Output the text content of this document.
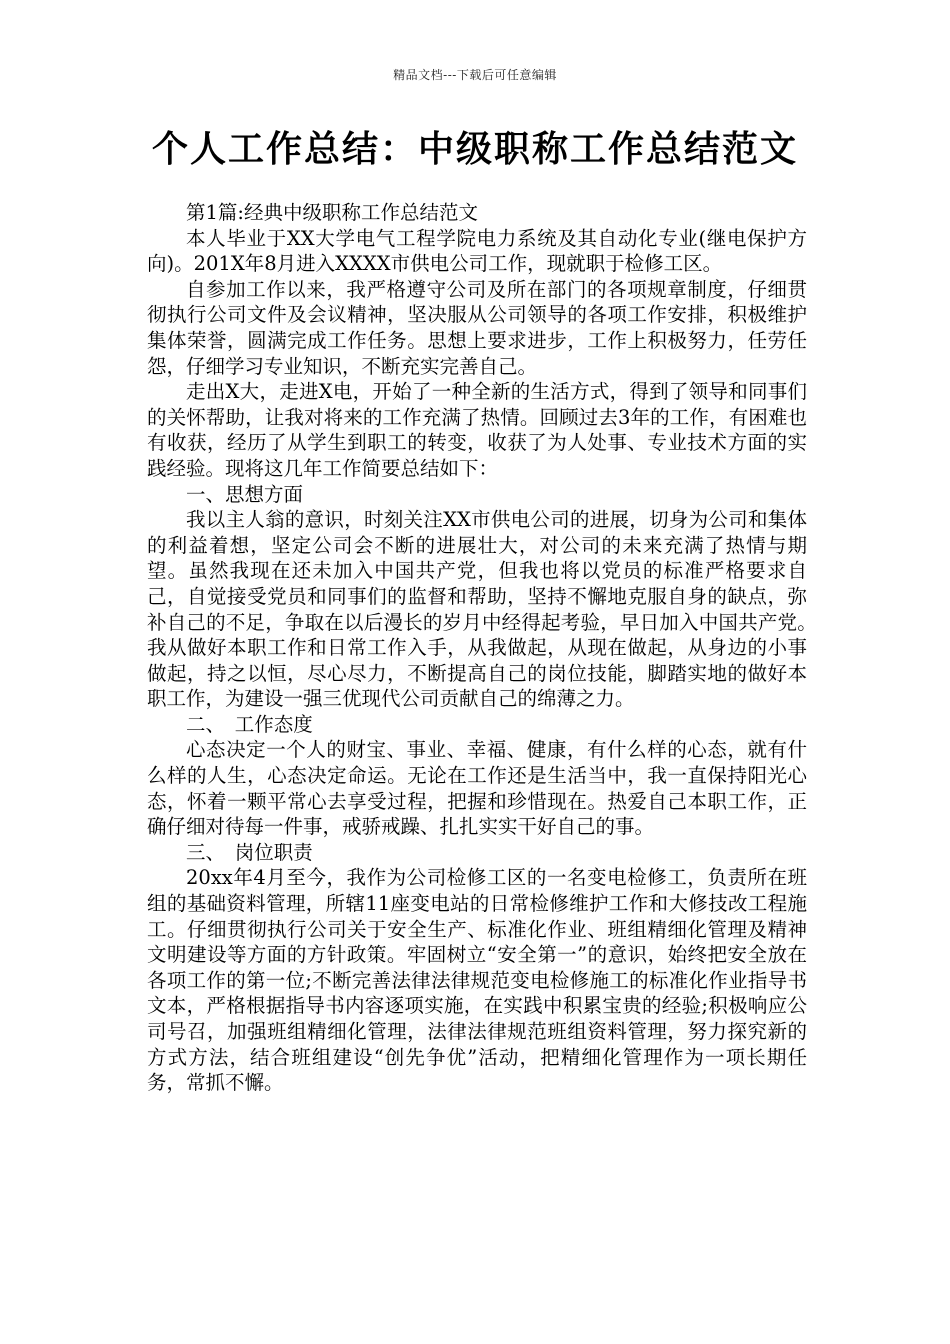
精品文档---下载后可任意编辑
个人工作总结：中级职称工作总结范文

第1篇:经典中级职称工作总结范文

本人毕业于XX大学电气工程学院电力系统及其自动化专业(继电保护方向)。201X年8月进入XXXX市供电公司工作，现就职于检修工区。

自参加工作以来，我严格遵守公司及所在部门的各项规章制度，仔细贯彻执行公司文件及会议精神，坚决服从公司领导的各项工作安排，积极维护集体荣誉，圆满完成工作任务。思想上要求进步，工作上积极努力，任劳任怨，仔细学习专业知识，不断充实完善自己。

走出X大，走进X电，开始了一种全新的生活方式，得到了领导和同事们的关怀帮助，让我对将来的工作充满了热情。回顾过去3年的工作，有困难也有收获，经历了从学生到职工的转变，收获了为人处事、专业技术方面的实践经验。现将这几年工作简要总结如下：

一、思想方面

我以主人翁的意识，时刻关注XX市供电公司的进展，切身为公司和集体的利益着想，坚定公司会不断的进展壮大，对公司的未来充满了热情与期望。虽然我现在还未加入中国共产党，但我也将以党员的标准严格要求自己，自觉接受党员和同事们的监督和帮助，坚持不懈地克服自身的缺点，弥补自己的不足，争取在以后漫长的岁月中经得起考验，早日加入中国共产党。　　我从做好本职工作和日常工作入手，从我做起，从现在做起，从身边的小事做起，持之以恒，尽心尽力，不断提高自己的岗位技能，脚踏实地的做好本职工作，为建设一强三优现代公司贡献自己的绵薄之力。

二、　工作态度

心态决定一个人的财宝、事业、幸福、健康，有什么样的心态，就有什么样的人生，心态决定命运。无论在工作还是生活当中，我一直保持阳光心态，怀着一颗平常心去享受过程，把握和珍惜现在。热爱自己本职工作，正确仔细对待每一件事，戒骄戒躁、扎扎实实干好自己的事。

三、　岗位职责

20xx年4月至今，我作为公司检修工区的一名变电检修工，负责所在班组的基础资料管理，所辖11座变电站的日常检修维护工作和大修技改工程施工。仔细贯彻执行公司关于安全生产、标准化作业、班组精细化管理及精神文明建设等方面的方针政策。牢固树立“安全第一”的意识，始终把安全放在各项工作的第一位;不断完善法律法律规范变电检修施工的标准化作业指导书文本，严格根据指导书内容逐项实施，在实践中积累宝贵的经验;积极响应公司号召，加强班组精细化管理，法律法律规范班组资料管理，努力探究新的方式方法，结合班组建设“创先争优”活动，把精细化管理作为一项长期任务，常抓不懈。
